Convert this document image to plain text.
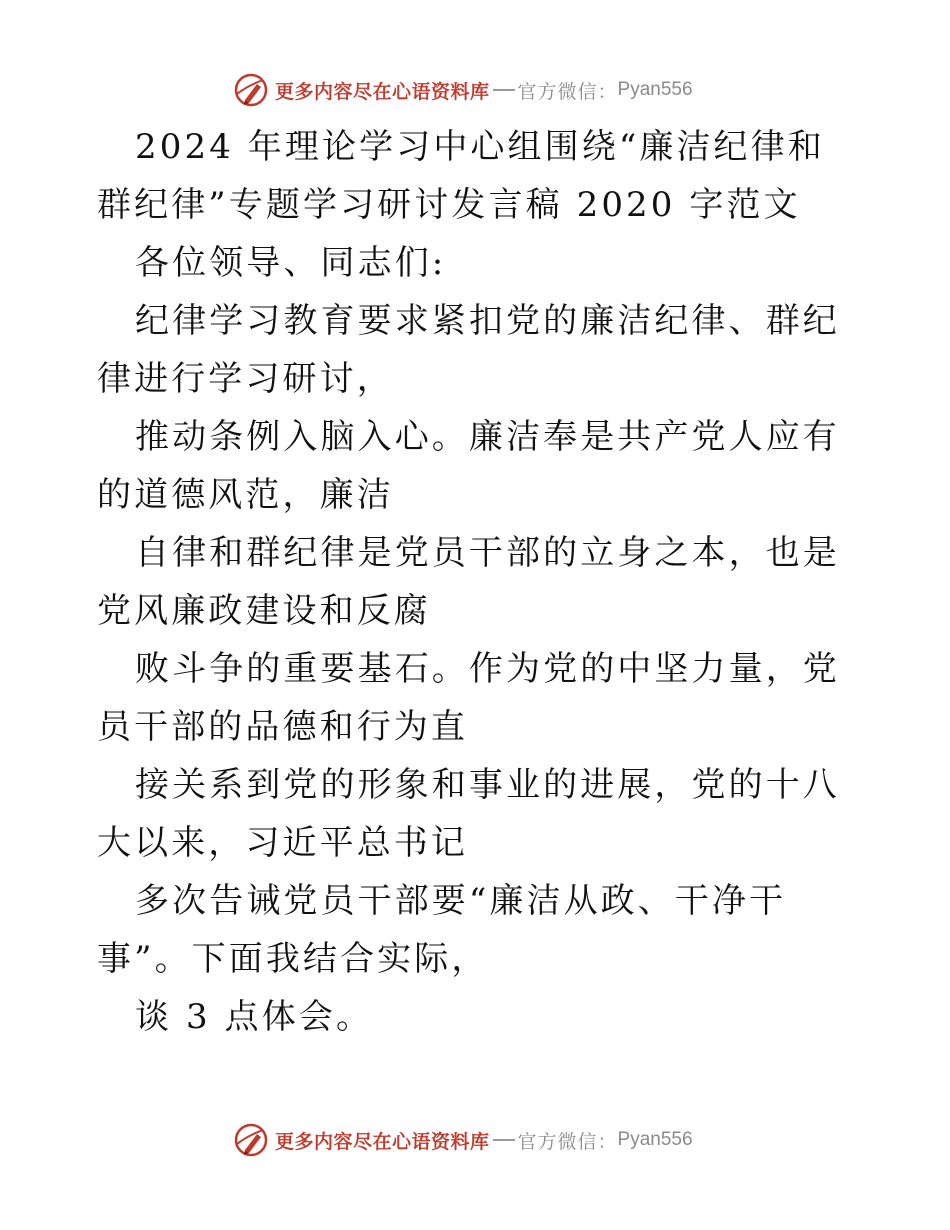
更多内容尽在心语资料库 官方微信： Pyan556

2024 年理论学习中心组围绕“廉洁纪律和群纪律”专题学习研讨发言稿 2020 字范文

各位领导、同志们:

纪律学习教育要求紧扣党的廉洁纪律、群纪律进行学习研讨，

推动条例入脑入心。廉洁奉是共产党人应有的道德风范，廉洁

自律和群纪律是党员干部的立身之本，也是党风廉政建设和反腐

败斗争的重要基石。作为党的中坚力量，党员干部的品德和行为直

接关系到党的形象和事业的进展，党的十八大以来，习近平总书记

多次告诫党员干部要“廉洁从政、干净干事”。下面我结合实际，

谈 3 点体会。

更多内容尽在心语资料库 官方微信： Pyan556
